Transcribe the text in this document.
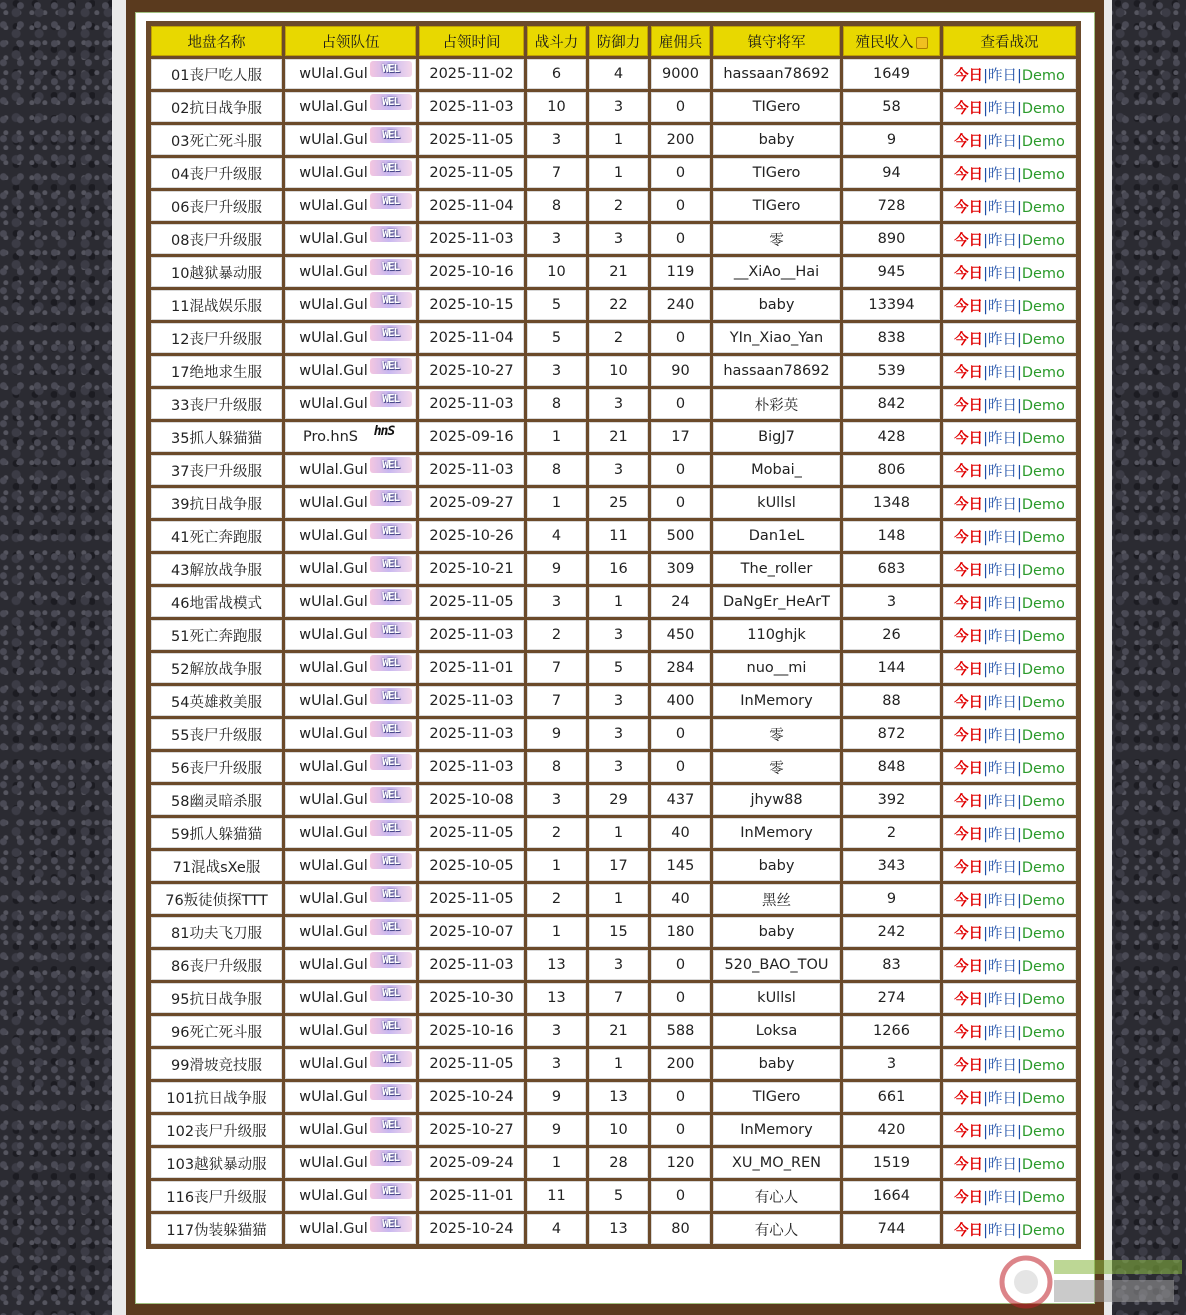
地盘名称	占领队伍	占领时间	战斗力	防御力	雇佣兵	镇守将军	殖民收入	查看战况
01丧尸吃人服	wUlal.Gul WEL	2025-11-02	6	4	9000	hassaan78692	1649	今日|昨日|Demo
02抗日战争服	wUlal.Gul WEL	2025-11-03	10	3	0	TIGero	58	今日|昨日|Demo
03死亡死斗服	wUlal.Gul WEL	2025-11-05	3	1	200	baby	9	今日|昨日|Demo
04丧尸升级服	wUlal.Gul WEL	2025-11-05	7	1	0	TIGero	94	今日|昨日|Demo
06丧尸升级服	wUlal.Gul WEL	2025-11-04	8	2	0	TIGero	728	今日|昨日|Demo
08丧尸升级服	wUlal.Gul WEL	2025-11-03	3	3	0	零	890	今日|昨日|Demo
10越狱暴动服	wUlal.Gul WEL	2025-10-16	10	21	119	__XiAo__Hai	945	今日|昨日|Demo
11混战娱乐服	wUlal.Gul WEL	2025-10-15	5	22	240	baby	13394	今日|昨日|Demo
12丧尸升级服	wUlal.Gul WEL	2025-11-04	5	2	0	YIn_Xiao_Yan	838	今日|昨日|Demo
17绝地求生服	wUlal.Gul WEL	2025-10-27	3	10	90	hassaan78692	539	今日|昨日|Demo
33丧尸升级服	wUlal.Gul WEL	2025-11-03	8	3	0	朴彩英	842	今日|昨日|Demo
35抓人躲猫猫	Pro.hnS hnS	2025-09-16	1	21	17	BigJ7	428	今日|昨日|Demo
37丧尸升级服	wUlal.Gul WEL	2025-11-03	8	3	0	Mobai_	806	今日|昨日|Demo
39抗日战争服	wUlal.Gul WEL	2025-09-27	1	25	0	kUllsl	1348	今日|昨日|Demo
41死亡奔跑服	wUlal.Gul WEL	2025-10-26	4	11	500	Dan1eL	148	今日|昨日|Demo
43解放战争服	wUlal.Gul WEL	2025-10-21	9	16	309	The_roller	683	今日|昨日|Demo
46地雷战模式	wUlal.Gul WEL	2025-11-05	3	1	24	DaNgEr_HeArT	3	今日|昨日|Demo
51死亡奔跑服	wUlal.Gul WEL	2025-11-03	2	3	450	110ghjk	26	今日|昨日|Demo
52解放战争服	wUlal.Gul WEL	2025-11-01	7	5	284	nuo__mi	144	今日|昨日|Demo
54英雄救美服	wUlal.Gul WEL	2025-11-03	7	3	400	InMemory	88	今日|昨日|Demo
55丧尸升级服	wUlal.Gul WEL	2025-11-03	9	3	0	零	872	今日|昨日|Demo
56丧尸升级服	wUlal.Gul WEL	2025-11-03	8	3	0	零	848	今日|昨日|Demo
58幽灵暗杀服	wUlal.Gul WEL	2025-10-08	3	29	437	jhyw88	392	今日|昨日|Demo
59抓人躲猫猫	wUlal.Gul WEL	2025-11-05	2	1	40	InMemory	2	今日|昨日|Demo
71混战sXe服	wUlal.Gul WEL	2025-10-05	1	17	145	baby	343	今日|昨日|Demo
76叛徒侦探TTT	wUlal.Gul WEL	2025-11-05	2	1	40	黑丝	9	今日|昨日|Demo
81功夫飞刀服	wUlal.Gul WEL	2025-10-07	1	15	180	baby	242	今日|昨日|Demo
86丧尸升级服	wUlal.Gul WEL	2025-11-03	13	3	0	520_BAO_TOU	83	今日|昨日|Demo
95抗日战争服	wUlal.Gul WEL	2025-10-30	13	7	0	kUllsl	274	今日|昨日|Demo
96死亡死斗服	wUlal.Gul WEL	2025-10-16	3	21	588	Loksa	1266	今日|昨日|Demo
99滑坡竞技服	wUlal.Gul WEL	2025-11-05	3	1	200	baby	3	今日|昨日|Demo
101抗日战争服	wUlal.Gul WEL	2025-10-24	9	13	0	TIGero	661	今日|昨日|Demo
102丧尸升级服	wUlal.Gul WEL	2025-10-27	9	10	0	InMemory	420	今日|昨日|Demo
103越狱暴动服	wUlal.Gul WEL	2025-09-24	1	28	120	XU_MO_REN	1519	今日|昨日|Demo
116丧尸升级服	wUlal.Gul WEL	2025-11-01	11	5	0	有心人	1664	今日|昨日|Demo
117伪装躲猫猫	wUlal.Gul WEL	2025-10-24	4	13	80	有心人	744	今日|昨日|Demo
